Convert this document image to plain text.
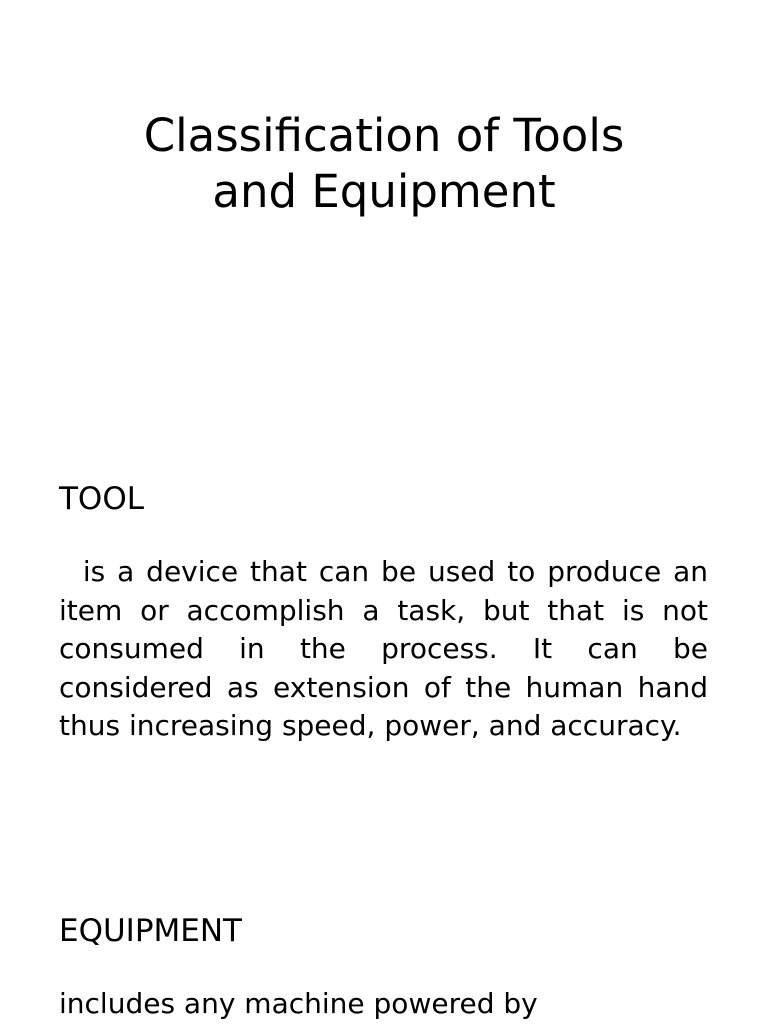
Classification of Tools
and Equipment
TOOL

is a device that can be used to produce an item or accomplish a task, but that is not consumed in the process. It can be considered as extension of the human hand thus increasing speed, power, and accuracy.

EQUIPMENT

includes any machine powered by
